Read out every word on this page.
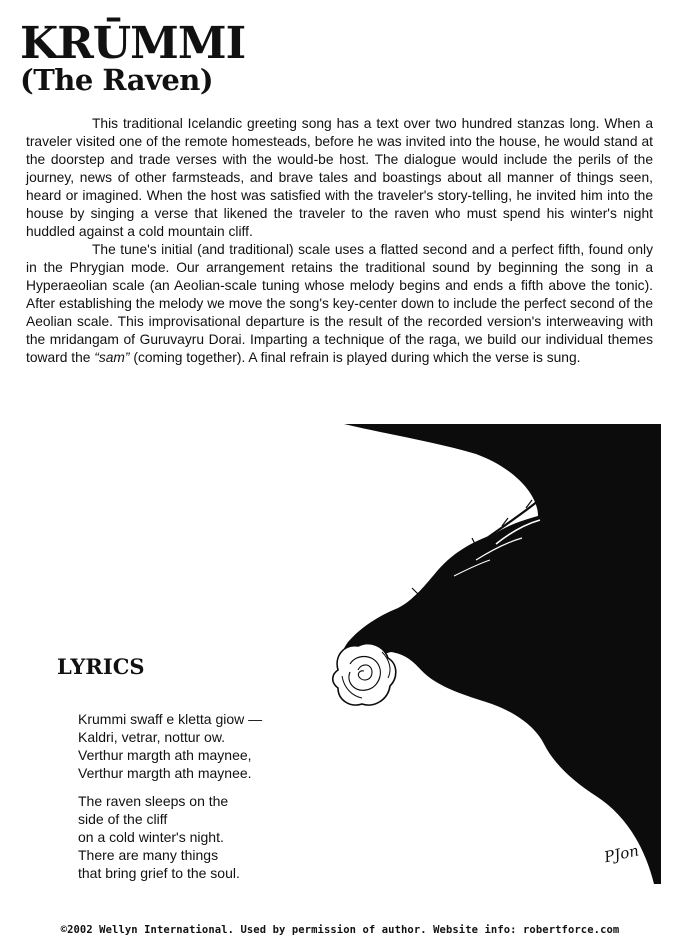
KRŪMMI
(The Raven)

This traditional Icelandic greeting song has a text over two hundred stanzas long. When a traveler visited one of the remote homesteads, before he was invited into the house, he would stand at the doorstep and trade verses with the would-be host. The dialogue would include the perils of the journey, news of other farmsteads, and brave tales and boastings about all manner of things seen, heard or imagined. When the host was satisfied with the traveler's story-telling, he invited him into the house by singing a verse that likened the traveler to the raven who must spend his winter's night huddled against a cold mountain cliff.

The tune's initial (and traditional) scale uses a flatted second and a perfect fifth, found only in the Phrygian mode. Our arrangement retains the traditional sound by beginning the song in a Hyperaeolian scale (an Aeolian-scale tuning whose melody begins and ends a fifth above the tonic). After establishing the melody we move the song's key-center down to include the perfect second of the Aeolian scale. This improvisational departure is the result of the recorded version's interweaving with the mridangam of Guruvayru Dorai. Imparting a technique of the raga, we build our individual themes toward the “sam” (coming together). A final refrain is played during which the verse is sung.

PJon
LYRICS

Krummi swaff e kletta giow —
Kaldri, vetrar, nottur ow.
Verthur margth ath maynee,
Verthur margth ath maynee.

The raven sleeps on the
side of the cliff
on a cold winter's night.
There are many things
that bring grief to the soul.

©2002 Wellyn International. Used by permission of author. Website info: robertforce.com
